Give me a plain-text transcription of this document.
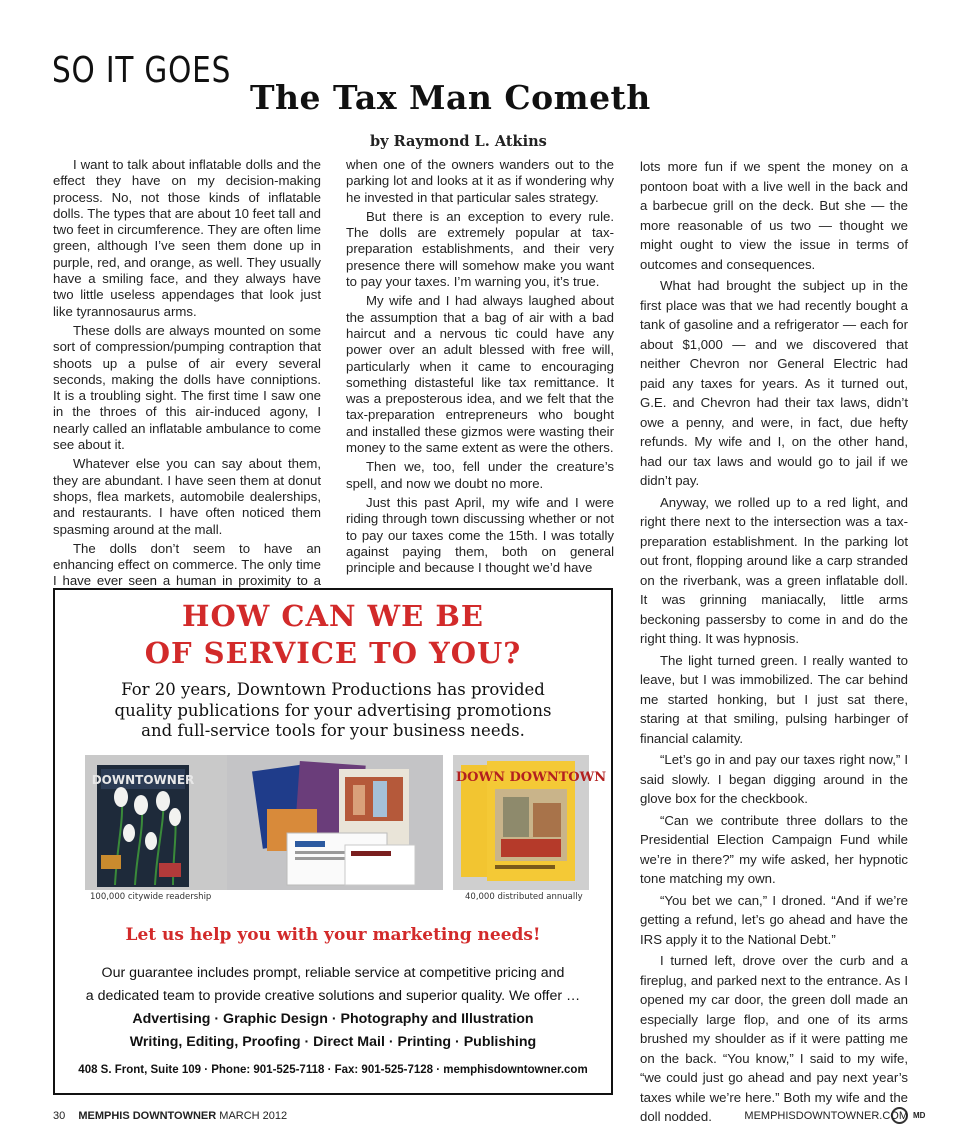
SO IT GOES
The Tax Man Cometh
by Raymond L. Atkins

I want to talk about inflatable dolls and the effect they have on my decision-making process. No, not those kinds of inflatable dolls. The types that are about 10 feet tall and two feet in circumference. They are often lime green, although I’ve seen them done up in purple, red, and orange, as well. They usually have a smiling face, and they always have two little useless appendages that look just like tyrannosaurus arms.

These dolls are always mounted on some sort of compression/pumping contraption that shoots up a pulse of air every several seconds, making the dolls have conniptions. It is a troubling sight. The first time I saw one in the throes of this air-induced agony, I nearly called an inflatable ambulance to come see about it.

Whatever else you can say about them, they are abundant. I have seen them at donut shops, flea markets, automobile dealerships, and restaurants. I have often noticed them spasming around at the mall.

The dolls don’t seem to have an enhancing effect on commerce. The only time I have ever seen a human in proximity to a

when one of the owners wanders out to the parking lot and looks at it as if wondering why he invested in that particular sales strategy.

But there is an exception to every rule. The dolls are extremely popular at tax-preparation establishments, and their very presence there will somehow make you want to pay your taxes. I’m warning you, it’s true.

My wife and I had always laughed about the assumption that a bag of air with a bad haircut and a nervous tic could have any power over an adult blessed with free will, particularly when it came to encouraging something distasteful like tax remittance. It was a preposterous idea, and we felt that the tax-preparation entrepreneurs who bought and installed these gizmos were wasting their money to the same extent as were the others.

Then we, too, fell under the creature’s spell, and now we doubt no more.

Just this past April, my wife and I were riding through town discussing whether or not to pay our taxes come the 15th. I was totally against paying them, both on general principle and because I thought we’d have

lots more fun if we spent the money on a pontoon boat with a live well in the back and a barbecue grill on the deck. But she — the more reasonable of us two — thought we might ought to view the issue in terms of outcomes and consequences.

What had brought the subject up in the first place was that we had recently bought a tank of gasoline and a refrigerator — each for about $1,000 — and we discovered that neither Chevron nor General Electric had paid any taxes for years. As it turned out, G.E. and Chevron had their tax laws, didn’t owe a penny, and were, in fact, due hefty refunds. My wife and I, on the other hand, had our tax laws and would go to jail if we didn’t pay.

Anyway, we rolled up to a red light, and right there next to the intersection was a tax-preparation establishment. In the parking lot out front, flopping around like a carp stranded on the riverbank, was a green inflatable doll. It was grinning maniacally, little arms beckoning passersby to come in and do the right thing. It was hypnosis.

The light turned green. I really wanted to leave, but I was immobilized. The car behind me started honking, but I just sat there, staring at that smiling, pulsing harbinger of financial calamity.

“Let’s go in and pay our taxes right now,” I said slowly. I began digging around in the glove box for the checkbook.

“Can we contribute three dollars to the Presidential Election Campaign Fund while we’re in there?” my wife asked, her hypnotic tone matching my own.

“You bet we can,” I droned. “And if we’re getting a refund, let’s go ahead and have the IRS apply it to the National Debt.”

I turned left, drove over the curb and a fireplug, and parked next to the entrance. As I opened my car door, the green doll made an especially large flop, and one of its arms brushed my shoulder as if it were patting me on the back. “You know,” I said to my wife, “we could just go ahead and pay next year’s taxes while we’re here.” Both my wife and the doll nodded.	MD

HOW CAN WE BE
OF SERVICE TO YOU?
For 20 years, Downtown Productions has provided
quality publications for your advertising promotions
and full-service tools for your business needs.
DOWNTOWNER	DOWN DOWNTOWN
100,000 citywide readership	40,000 distributed annually
Let us help you with your marketing needs!
Our guarantee includes prompt, reliable service at competitive pricing and
a dedicated team to provide creative solutions and superior quality. We offer …
Advertising · Graphic Design · Photography and Illustration
Writing, Editing, Proofing · Direct Mail · Printing · Publishing
408 S. Front, Suite 109 · Phone: 901-525-7118 · Fax: 901-525-7128 · memphisdowntowner.com
30 MEMPHIS DOWNTOWNER MARCH 2012	MEMPHISDOWNTOWNER.COM
